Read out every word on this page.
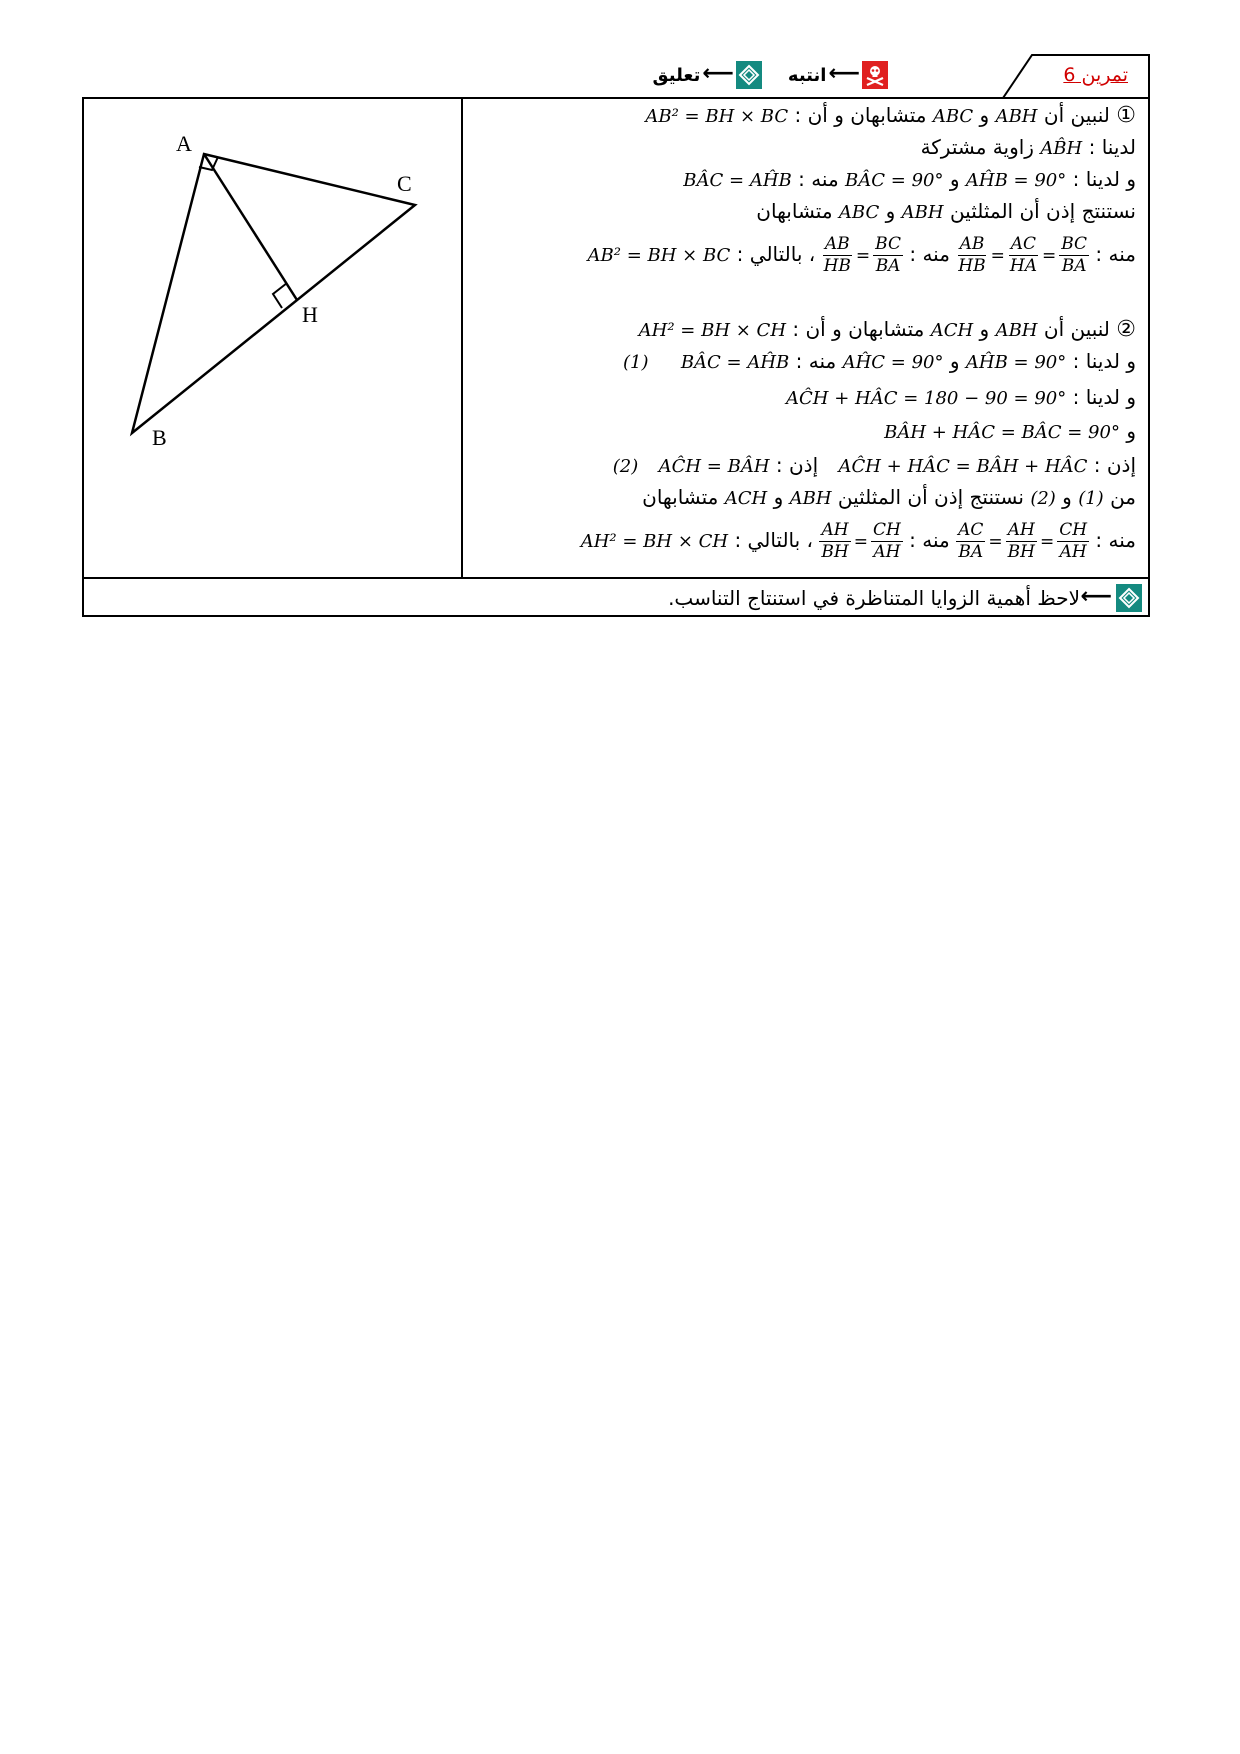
تمرين 6
⟵
انتبه
⟵
تعليق
A
B
C
H
① لنبين أن ABH و ABC متشابهان و أن : AB² = BH × BC
لدينا : AB̂H زاوية مشتركة
و لدينا : AĤB = 90° و BÂC = 90° منه : BÂC = AĤB
نستنتج إذن أن المثلثين ABH و ABC متشابهان
منه :
$\frac{AB}{HB} = \frac{AC}{HA} = \frac{BC}{BA}$
منه :
$\frac{AB}{HB} = \frac{BC}{BA}$
، بالتالي : AB² = BH × BC
② لنبين أن ABH و ACH متشابهان و أن : AH² = BH × CH
و لدينا : AĤB = 90° و AĤC = 90° منه : BÂC = AĤB (1)
و لدينا : AĈH + HÂC = 180 − 90 = 90°
و BÂH + HÂC = BÂC = 90°
إذن : AĈH + HÂC = BÂH + HÂC إذن : AĈH = BÂH (2)
من (1) و (2) نستنتج إذن أن المثلثين ABH و ACH متشابهان
منه :
$\frac{AC}{BA} = \frac{AH}{BH} = \frac{CH}{AH}$
منه :
$\frac{AH}{BH} = \frac{CH}{AH}$
، بالتالي : AH² = BH × CH
⟵
لاحظ أهمية الزوايا المتناظرة في استنتاج التناسب.
